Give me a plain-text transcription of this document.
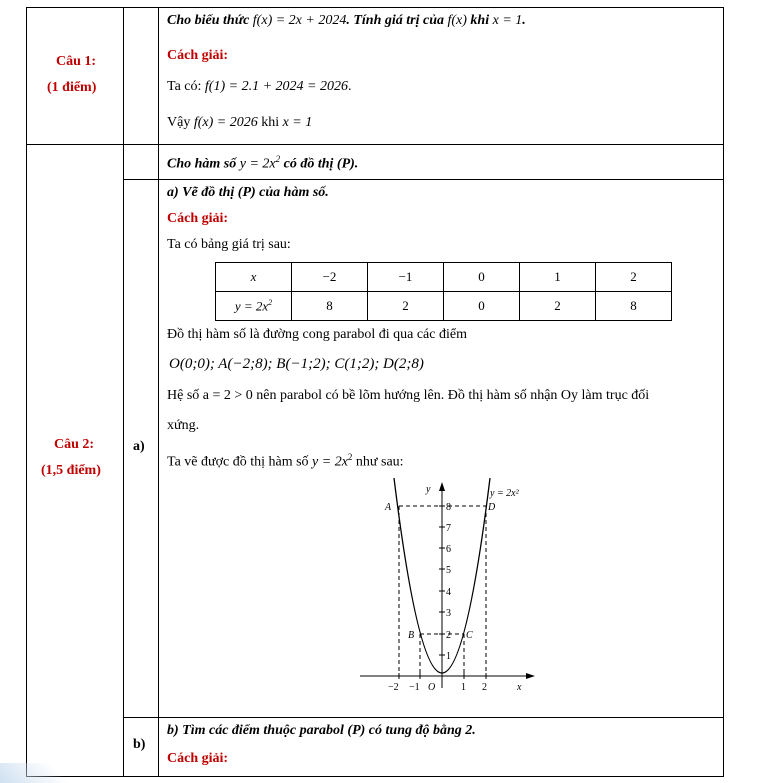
Câu 1:
(1 điểm)
Cho biểu thức f(x) = 2x + 2024. Tính giá trị của f(x) khi x = 1.
Cách giải:
Ta có: f(1) = 2.1 + 2024 = 2026.
Vậy f(x) = 2026 khi x = 1
Câu 2:
(1,5 điểm)
Cho hàm số $y = 2x^2$ có đồ thị (P).
a)
a) Vẽ đồ thị (P) của hàm số.
Cách giải:
Ta có bảng giá trị sau:
x	−2	−1	0	1	2
$y = 2x^2$	8	2	0	2	8
Đồ thị hàm số là đường cong parabol đi qua các điểm
O(0;0); A(−2;8); B(−1;2); C(1;2); D(2;8)
Hệ số a = 2 > 0 nên parabol có bề lõm hướng lên. Đồ thị hàm số nhận Oy làm trục đối
xứng.
Ta vẽ được đồ thị hàm số $y = 2x^2$ như sau:
1
2
3
4
5
6
7
8
−2 −1	1 2
O	x
y	y = 2x²
A
B	C
D
b)
b) Tìm các điểm thuộc parabol (P) có tung độ bằng 2.
Cách giải:
